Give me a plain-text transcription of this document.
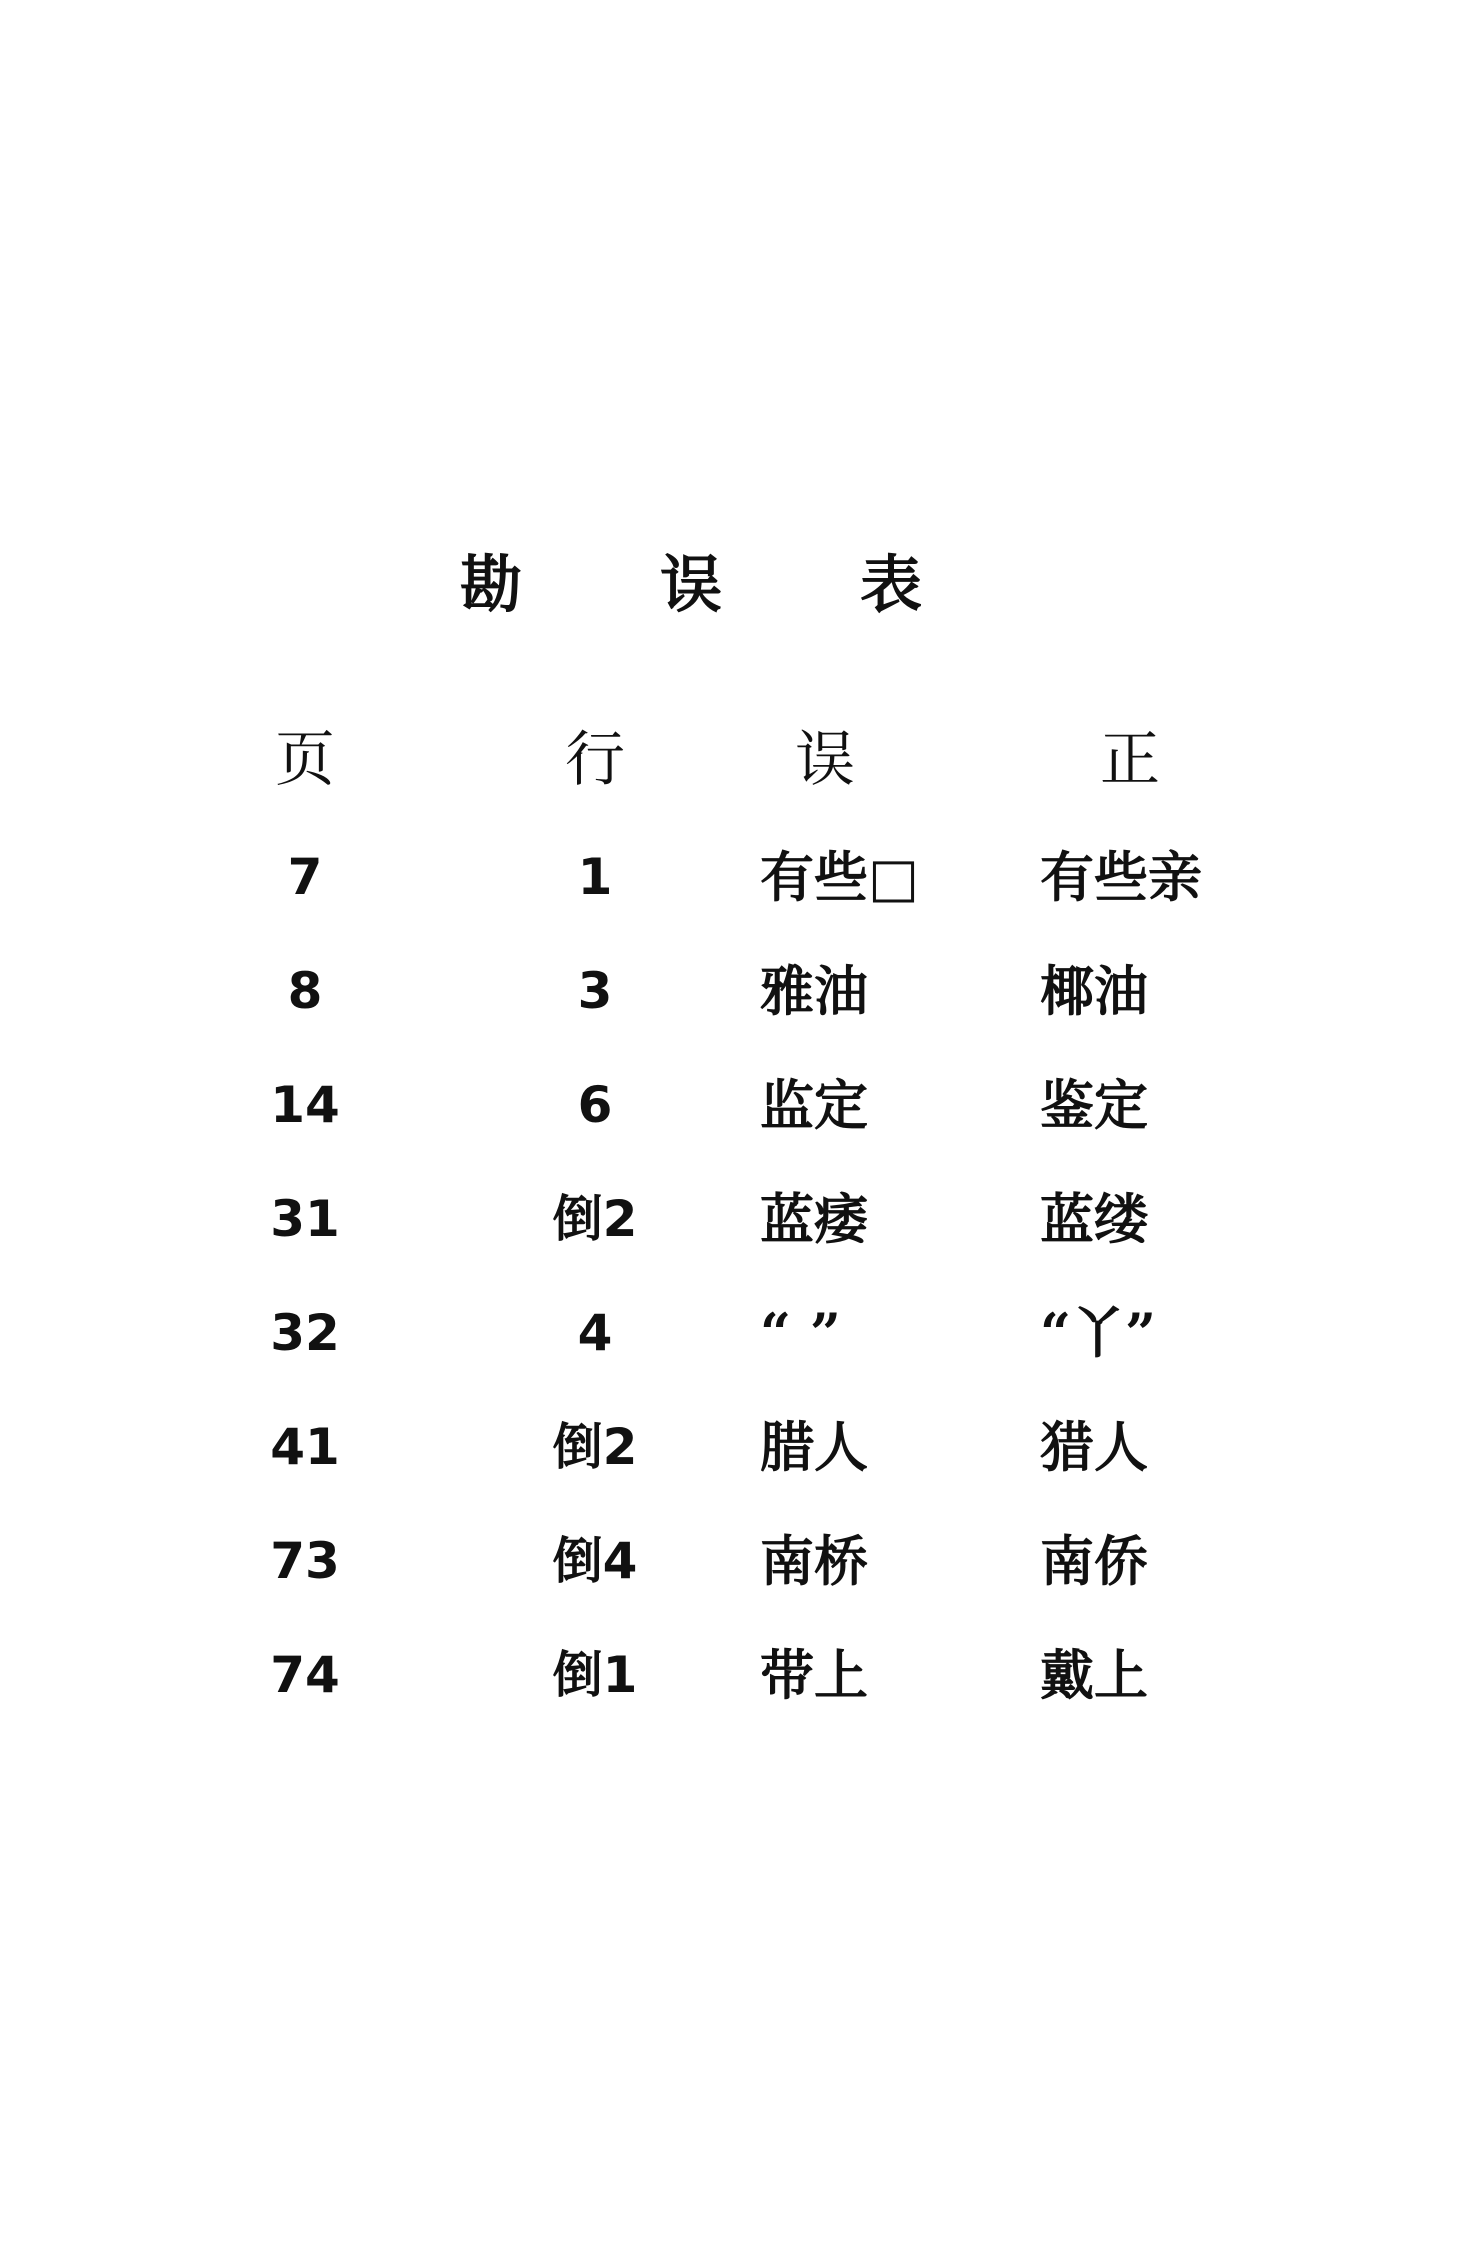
勘 误 表
页	行	误	正
7	1	有些□	有些亲
8	3	雅油	椰油
14	6	监定	鉴定
31	倒2	蓝痿	蓝缕
32	4	“ ”	“丫”
41	倒2	腊人	猎人
73	倒4	南桥	南侨
74	倒1	带上	戴上
